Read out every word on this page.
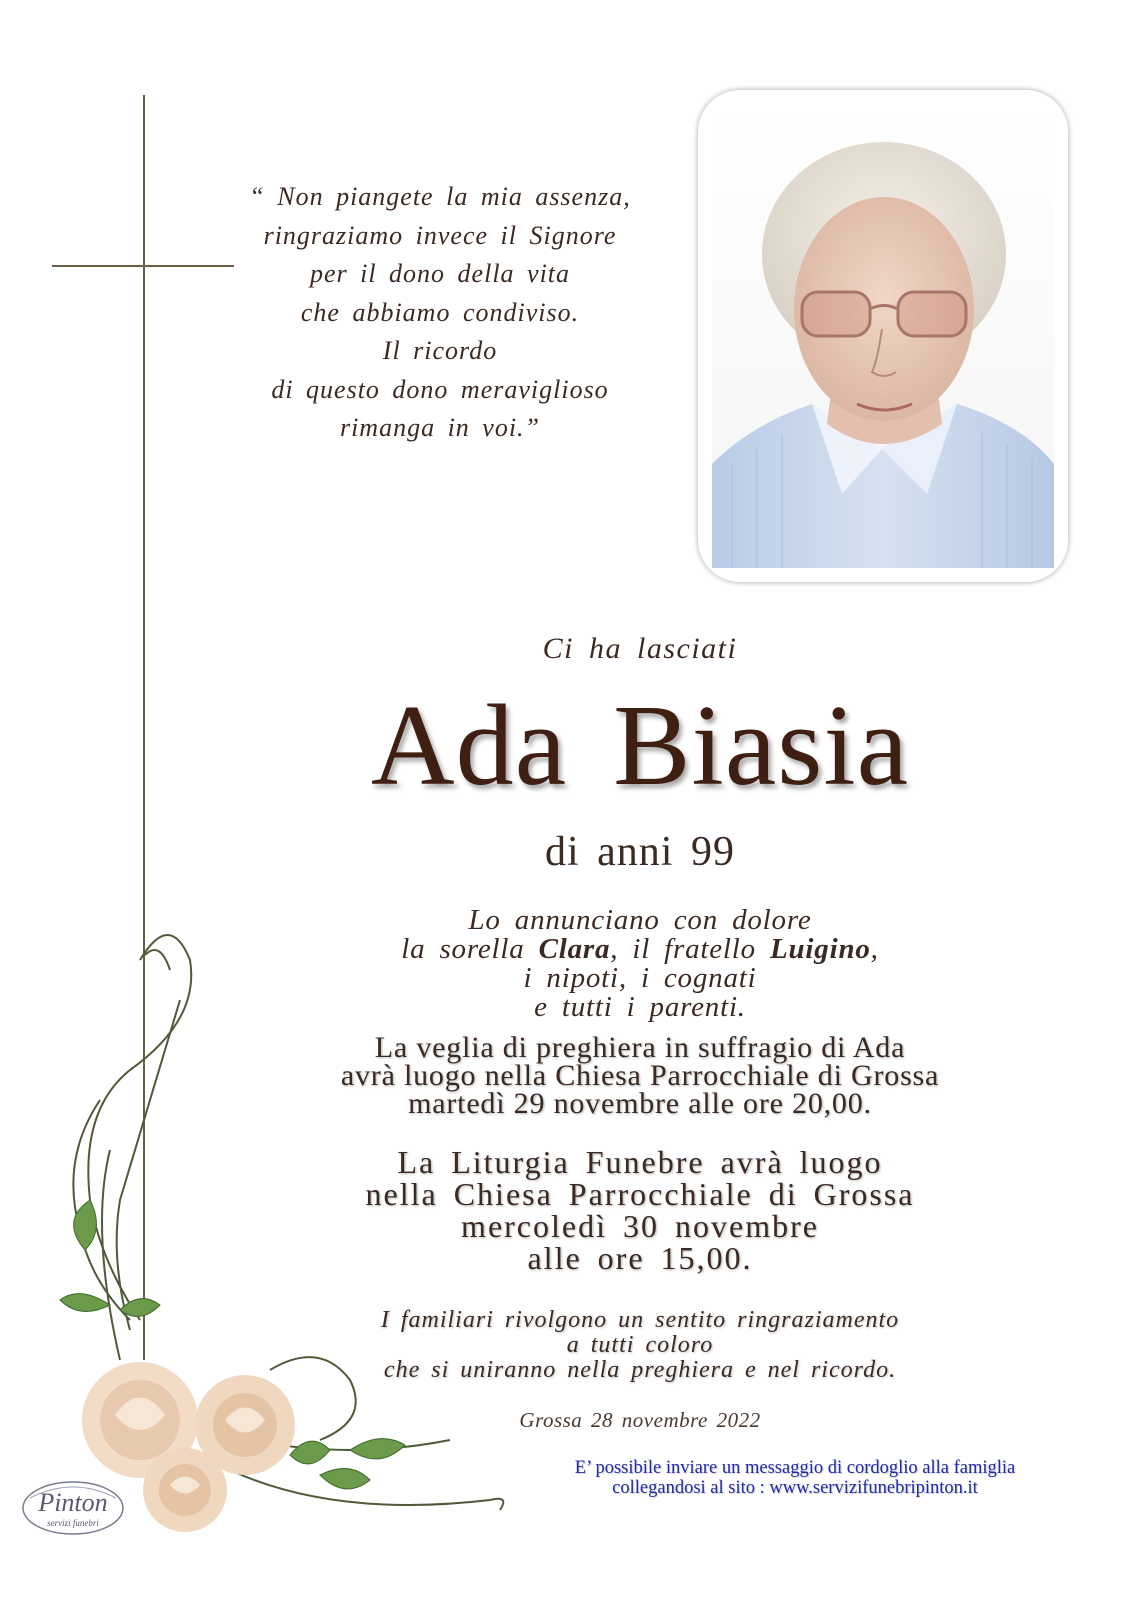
“ Non piangete la mia assenza,
ringraziamo invece il Signore
per il dono della vita
che abbiamo condiviso.
Il ricordo
di questo dono meraviglioso
rimanga in voi.”
Ci ha lasciati
Ada Biasia
di anni 99
Lo annunciano con dolore
la sorella Clara, il fratello Luigino,
i nipoti, i cognati
e tutti i parenti.
La veglia di preghiera in suffragio di Ada
avrà luogo nella Chiesa Parrocchiale di Grossa
martedì 29 novembre alle ore 20,00.
La Liturgia Funebre avrà luogo
nella Chiesa Parrocchiale di Grossa
mercoledì 30 novembre
alle ore 15,00.
I familiari rivolgono un sentito ringraziamento
a tutti coloro
che si uniranno nella preghiera e nel ricordo.
Grossa 28 novembre 2022
E’ possibile inviare un messaggio di cordoglio alla famiglia
collegandosi al sito : www.servizifunebripinton.it
Pinton
servizi funebri
